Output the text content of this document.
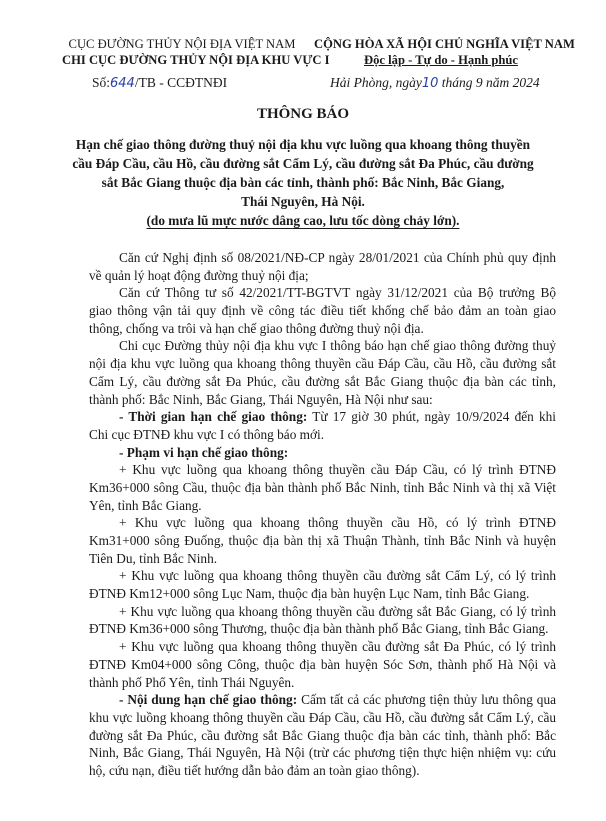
CỤC ĐƯỜNG THỦY NỘI ĐỊA VIỆT NAM
CHI CỤC ĐƯỜNG THỦY NỘI ĐỊA KHU VỰC I
CỘNG HÒA XÃ HỘI CHỦ NGHĨA VIỆT NAM
Độc lập - Tự do - Hạnh phúc
Số:644/TB - CCĐTNĐI	Hải Phòng, ngày10 tháng 9 năm 2024
THÔNG BÁO
Hạn chế giao thông đường thuỷ nội địa khu vực luồng qua khoang thông thuyền
cầu Đáp Cầu, cầu Hồ, cầu đường sắt Cẩm Lý, cầu đường sắt Đa Phúc, cầu đường
sắt Bắc Giang thuộc địa bàn các tỉnh, thành phố: Bắc Ninh, Bắc Giang,
Thái Nguyên, Hà Nội.
(do mưa lũ mực nước dâng cao, lưu tốc dòng chảy lớn).
Căn cứ Nghị định số 08/2021/NĐ-CP ngày 28/01/2021 của Chính phủ quy định
về quản lý hoạt động đường thuỷ nội địa;
Căn cứ Thông tư số 42/2021/TT-BGTVT ngày 31/12/2021 của Bộ trưởng Bộ
giao thông vận tải quy định về công tác điều tiết khống chế bảo đảm an toàn giao
thông, chống va trôi và hạn chế giao thông đường thuỷ nội địa.
Chi cục Đường thủy nội địa khu vực I thông báo hạn chế giao thông đường thuỷ
nội địa khu vực luồng qua khoang thông thuyền cầu Đáp Cầu, cầu Hồ, cầu đường sắt
Cẩm Lý, cầu đường sắt Đa Phúc, cầu đường sắt Bắc Giang thuộc địa bàn các tỉnh,
thành phố: Bắc Ninh, Bắc Giang, Thái Nguyên, Hà Nội như sau:
- Thời gian hạn chế giao thông: Từ 17 giờ 30 phút, ngày 10/9/2024 đến khi
Chi cục ĐTNĐ khu vực I có thông báo mới.
- Phạm vi hạn chế giao thông:
+ Khu vực luồng qua khoang thông thuyền cầu Đáp Cầu, có lý trình ĐTNĐ
Km36+000 sông Cầu, thuộc địa bàn thành phố Bắc Ninh, tỉnh Bắc Ninh và thị xã Việt
Yên, tỉnh Bắc Giang.
+ Khu vực luồng qua khoang thông thuyền cầu Hồ, có lý trình ĐTNĐ
Km31+000 sông Đuống, thuộc địa bàn thị xã Thuận Thành, tỉnh Bắc Ninh và huyện
Tiên Du, tỉnh Bắc Ninh.
+ Khu vực luồng qua khoang thông thuyền cầu đường sắt Cẩm Lý, có lý trình
ĐTNĐ Km12+000 sông Lục Nam, thuộc địa bàn huyện Lục Nam, tỉnh Bắc Giang.
+ Khu vực luồng qua khoang thông thuyền cầu đường sắt Bắc Giang, có lý trình
ĐTNĐ Km36+000 sông Thương, thuộc địa bàn thành phố Bắc Giang, tỉnh Bắc Giang.
+ Khu vực luồng qua khoang thông thuyền cầu đường sắt Đa Phúc, có lý trình
ĐTNĐ Km04+000 sông Công, thuộc địa bàn huyện Sóc Sơn, thành phố Hà Nội và
thành phố Phổ Yên, tỉnh Thái Nguyên.
- Nội dung hạn chế giao thông: Cấm tất cả các phương tiện thủy lưu thông qua
khu vực luồng khoang thông thuyền cầu Đáp Cầu, cầu Hồ, cầu đường sắt Cẩm Lý, cầu
đường sắt Đa Phúc, cầu đường sắt Bắc Giang thuộc địa bàn các tỉnh, thành phố: Bắc
Ninh, Bắc Giang, Thái Nguyên, Hà Nội (trừ các phương tiện thực hiện nhiệm vụ: cứu
hộ, cứu nạn, điều tiết hướng dẫn bảo đảm an toàn giao thông).
